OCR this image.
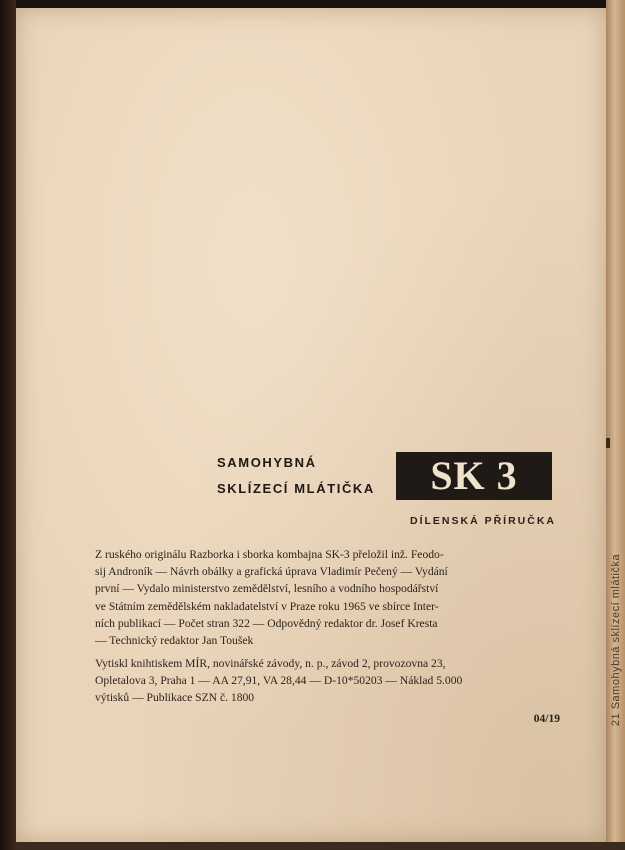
21 Samohybná sklízecí mlátička
SAMOHYBNÁ
SKLÍZECÍ MLÁTIČKA	SK 3
DÍLENSKÁ PŘÍRUČKA
Z ruského originálu Razborka i sborka kombajna SK-3 přeložil inž. Feodo-
sij Androník — Návrh obálky a grafická úprava Vladimír Pečený — Vydání
první — Vydalo ministerstvo zemědělství, lesního a vodního hospodářství
ve Státním zemědělském nakladatelství v Praze roku 1965 ve sbírce Inter-
ních publikací — Počet stran 322 — Odpovědný redaktor dr. Josef Kresta
— Technický redaktor Jan Toušek
Vytiskl knihtiskem MÍR, novinářské závody, n. p., závod 2, provozovna 23,
Opletalova 3, Praha 1 — AA 27,91, VA 28,44 — D-10*50203 — Náklad 5.000
výtisků — Publikace SZN č. 1800
04/19
